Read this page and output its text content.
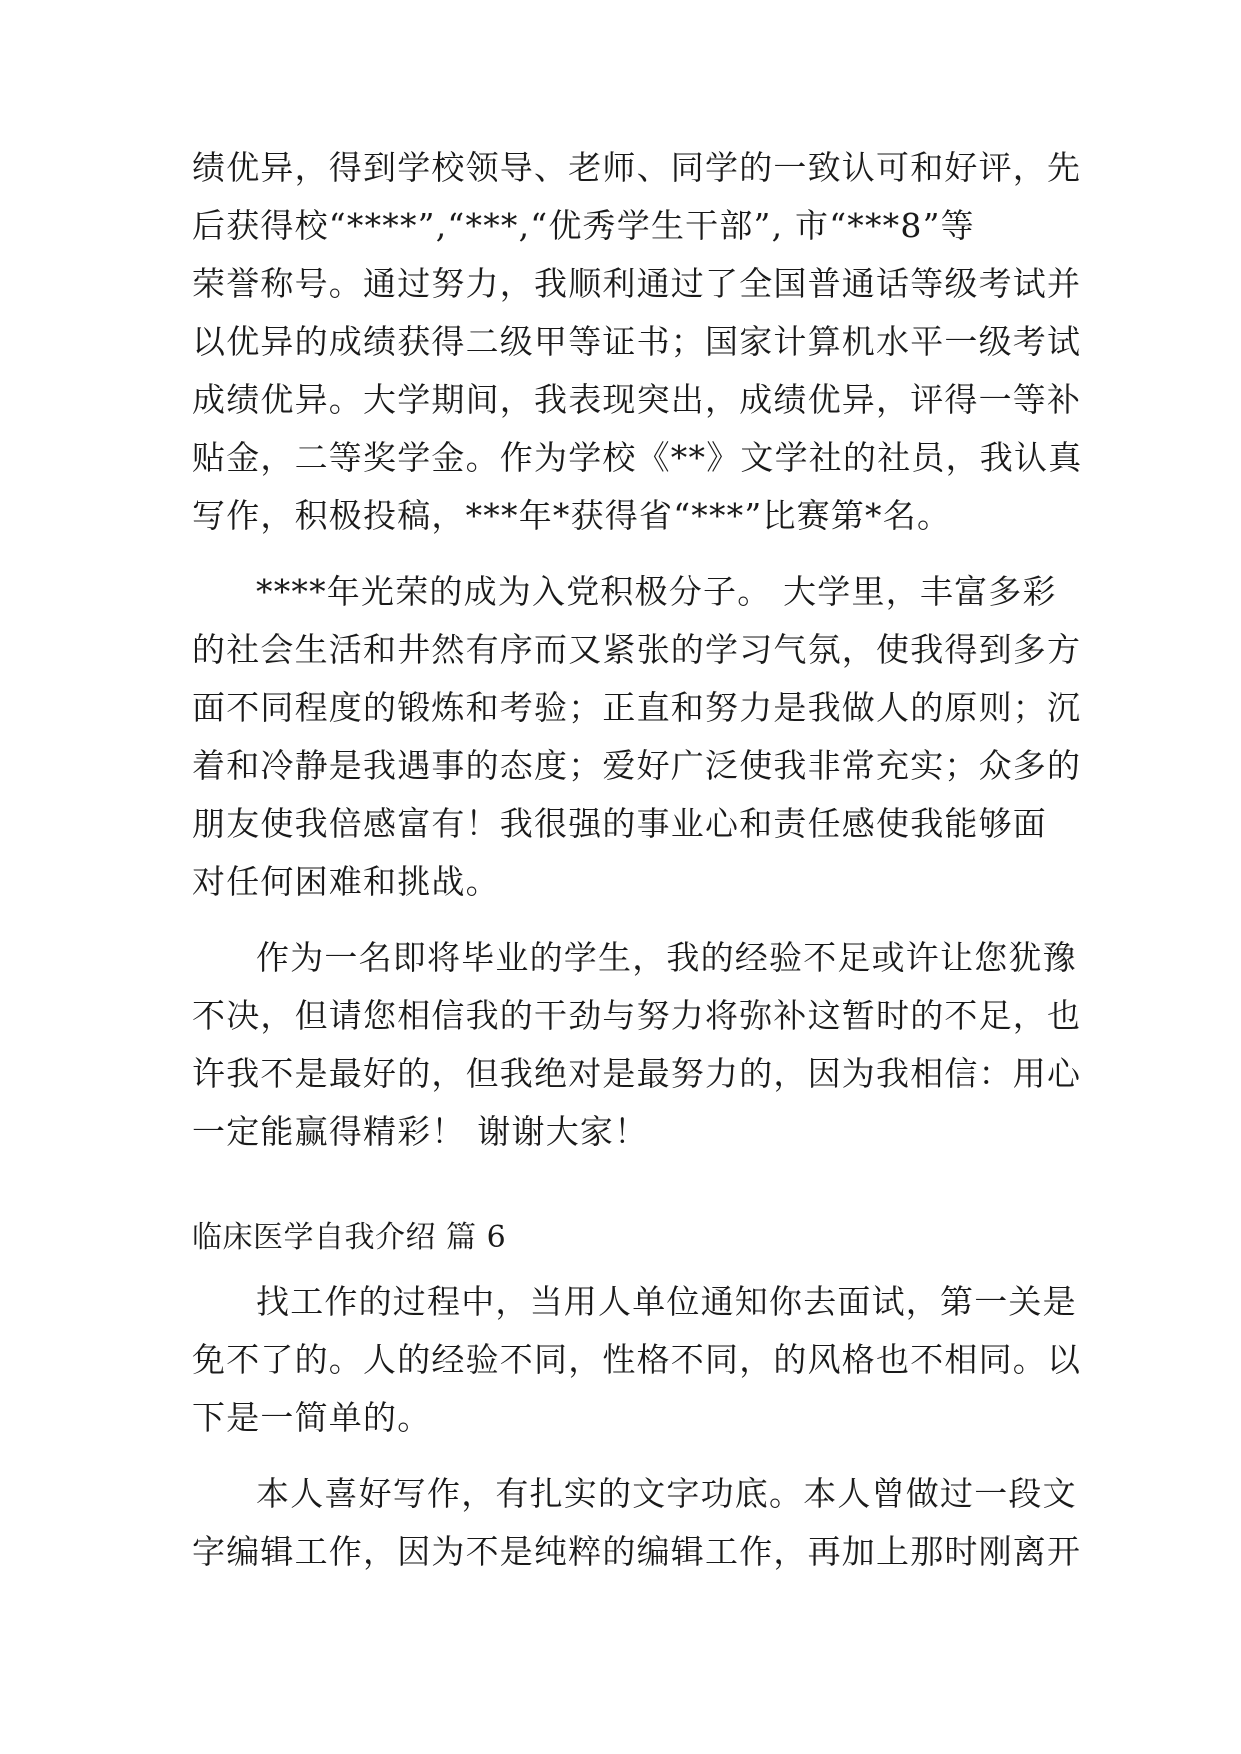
绩优异，得到学校领导、老师、同学的一致认可和好评，先
后获得校“****”,“***,“优秀学生干部”, 市“***8”等
荣誉称号。通过努力，我顺利通过了全国普通话等级考试并
以优异的成绩获得二级甲等证书；国家计算机水平一级考试
成绩优异。大学期间，我表现突出，成绩优异，评得一等补
贴金，二等奖学金。作为学校《**》文学社的社员，我认真
写作，积极投稿，***年*获得省“***”比赛第*名。
****年光荣的成为入党积极分子。 大学里，丰富多彩
的社会生活和井然有序而又紧张的学习气氛，使我得到多方
面不同程度的锻炼和考验；正直和努力是我做人的原则；沉
着和冷静是我遇事的态度；爱好广泛使我非常充实；众多的
朋友使我倍感富有！我很强的事业心和责任感使我能够面
对任何困难和挑战。
作为一名即将毕业的学生，我的经验不足或许让您犹豫
不决，但请您相信我的干劲与努力将弥补这暂时的不足，也
许我不是最好的，但我绝对是最努力的，因为我相信：用心
一定能赢得精彩！ 谢谢大家！
临床医学自我介绍 篇 6
找工作的过程中，当用人单位通知你去面试，第一关是
免不了的。人的经验不同，性格不同，的风格也不相同。以
下是一简单的。
本人喜好写作，有扎实的文字功底。本人曾做过一段文
字编辑工作，因为不是纯粹的编辑工作，再加上那时刚离开
